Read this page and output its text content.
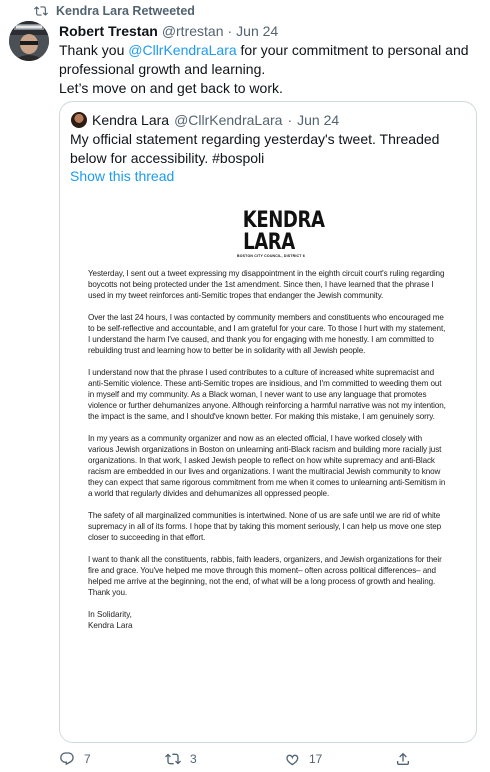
Kendra Lara Retweeted
Robert Trestan @rtrestan · Jun 24
Thank you @CllrKendraLara for your commitment to personal and professional growth and learning.
Let’s move on and get back to work.
Kendra Lara @CllrKendraLara · Jun 24
My official statement regarding yesterday's tweet. Threaded below for accessibility. #bospoli
Show this thread
KENDRA
LARA
BOSTON CITY COUNCIL, DISTRICT 6

Yesterday, I sent out a tweet expressing my disappointment in the eighth circuit court's ruling regarding boycotts not being protected under the 1st amendment. Since then, I have learned that the phrase I used in my tweet reinforces anti-Semitic tropes that endanger the Jewish community.

Over the last 24 hours, I was contacted by community members and constituents who encouraged me to be self-reflective and accountable, and I am grateful for your care. To those I hurt with my statement, I understand the harm I've caused, and thank you for engaging with me honestly. I am committed to rebuilding trust and learning how to better be in solidarity with all Jewish people.

I understand now that the phrase I used contributes to a culture of increased white supremacist and anti-Semitic violence. These anti-Semitic tropes are insidious, and I'm committed to weeding them out in myself and my community. As a Black woman, I never want to use any language that promotes violence or further dehumanizes anyone. Although reinforcing a harmful narrative was not my intention, the impact is the same, and I should've known better. For making this mistake, I am genuinely sorry.

In my years as a community organizer and now as an elected official, I have worked closely with various Jewish organizations in Boston on unlearning anti-Black racism and building more racially just organizations. In that work, I asked Jewish people to reflect on how white supremacy and anti-Black racism are embedded in our lives and organizations. I want the multiracial Jewish community to know they can expect that same rigorous commitment from me when it comes to unlearning anti-Semitism in a world that regularly divides and dehumanizes all oppressed people.

The safety of all marginalized communities is intertwined. None of us are safe until we are rid of white supremacy in all of its forms. I hope that by taking this moment seriously, I can help us move one step closer to succeeding in that effort.

I want to thank all the constituents, rabbis, faith leaders, organizers, and Jewish organizations for their fire and grace. You've helped me move through this moment– often across political differences– and helped me arrive at the beginning, not the end, of what will be a long process of growth and healing. Thank you.

In Solidarity,
Kendra Lara

7	3	17
